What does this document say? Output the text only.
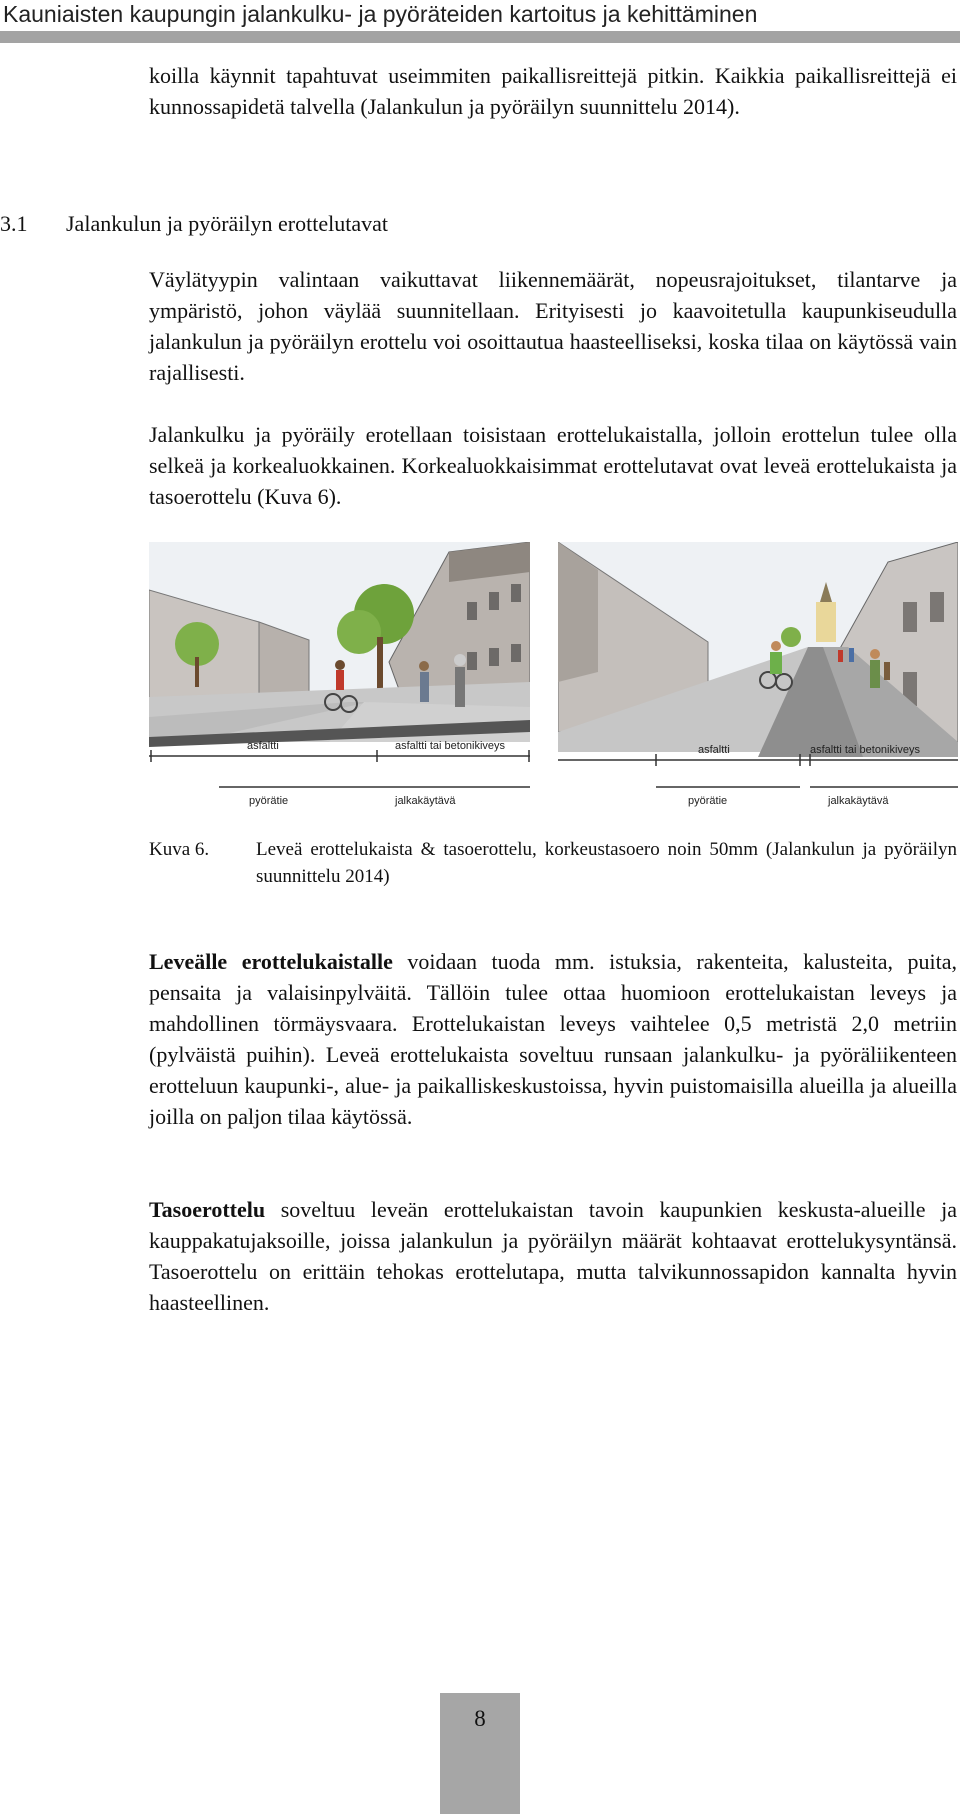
Kauniaisten kaupungin jalankulku- ja pyöräteiden kartoitus ja kehittäminen

koilla käynnit tapahtuvat useimmiten paikallisreittejä pitkin. Kaikkia paikallisreittejä ei kunnossapidetä talvella (Jalankulun ja pyöräilyn suunnittelu 2014).

3.1 Jalankulun ja pyöräilyn erottelutavat

Väylätyypin valintaan vaikuttavat liikennemäärät, nopeusrajoitukset, tilantarve ja ympäristö, johon väylää suunnitellaan. Erityisesti jo kaavoitetulla kaupunkiseudulla jalankulun ja pyöräilyn erottelu voi osoittautua haasteelliseksi, koska tilaa on käytössä vain rajallisesti.

Jalankulku ja pyöräily erotellaan toisistaan erottelukaistalla, jolloin erottelun tulee olla selkeä ja korkealuokkainen. Korkealuokkaisimmat erottelutavat ovat leveä erottelukaista ja tasoerottelu (Kuva 6).

asfaltti	asfaltti tai betonikiveys
pyörätie	jalkakäytävä
asfaltti	asfaltti tai betonikiveys
pyörätie	jalkakäytävä
Kuva 6. Leveä erottelukaista & tasoerottelu, korkeustasoero noin 50mm (Jalankulun ja pyöräilyn suunnittelu 2014)

Leveälle erottelukaistalle voidaan tuoda mm. istuksia, rakenteita, kalusteita, puita, pensaita ja valaisinpylväitä. Tällöin tulee ottaa huomioon erottelukaistan leveys ja mahdollinen törmäysvaara. Erottelukaistan leveys vaihtelee 0,5 metristä 2,0 metriin (pylväistä puihin). Leveä erottelukaista soveltuu runsaan jalankulku- ja pyöräliikenteen erotteluun kaupunki-, alue- ja paikalliskeskustoissa, hyvin puistomaisilla alueilla ja alueilla joilla on paljon tilaa käytössä.

Tasoerottelu soveltuu leveän erottelukaistan tavoin kaupunkien keskusta-alueille ja kauppakatujaksoille, joissa jalankulun ja pyöräilyn määrät kohtaavat erottelukysyntänsä. Tasoerottelu on erittäin tehokas erottelutapa, mutta talvikunnossapidon kannalta hyvin haasteellinen.

8
